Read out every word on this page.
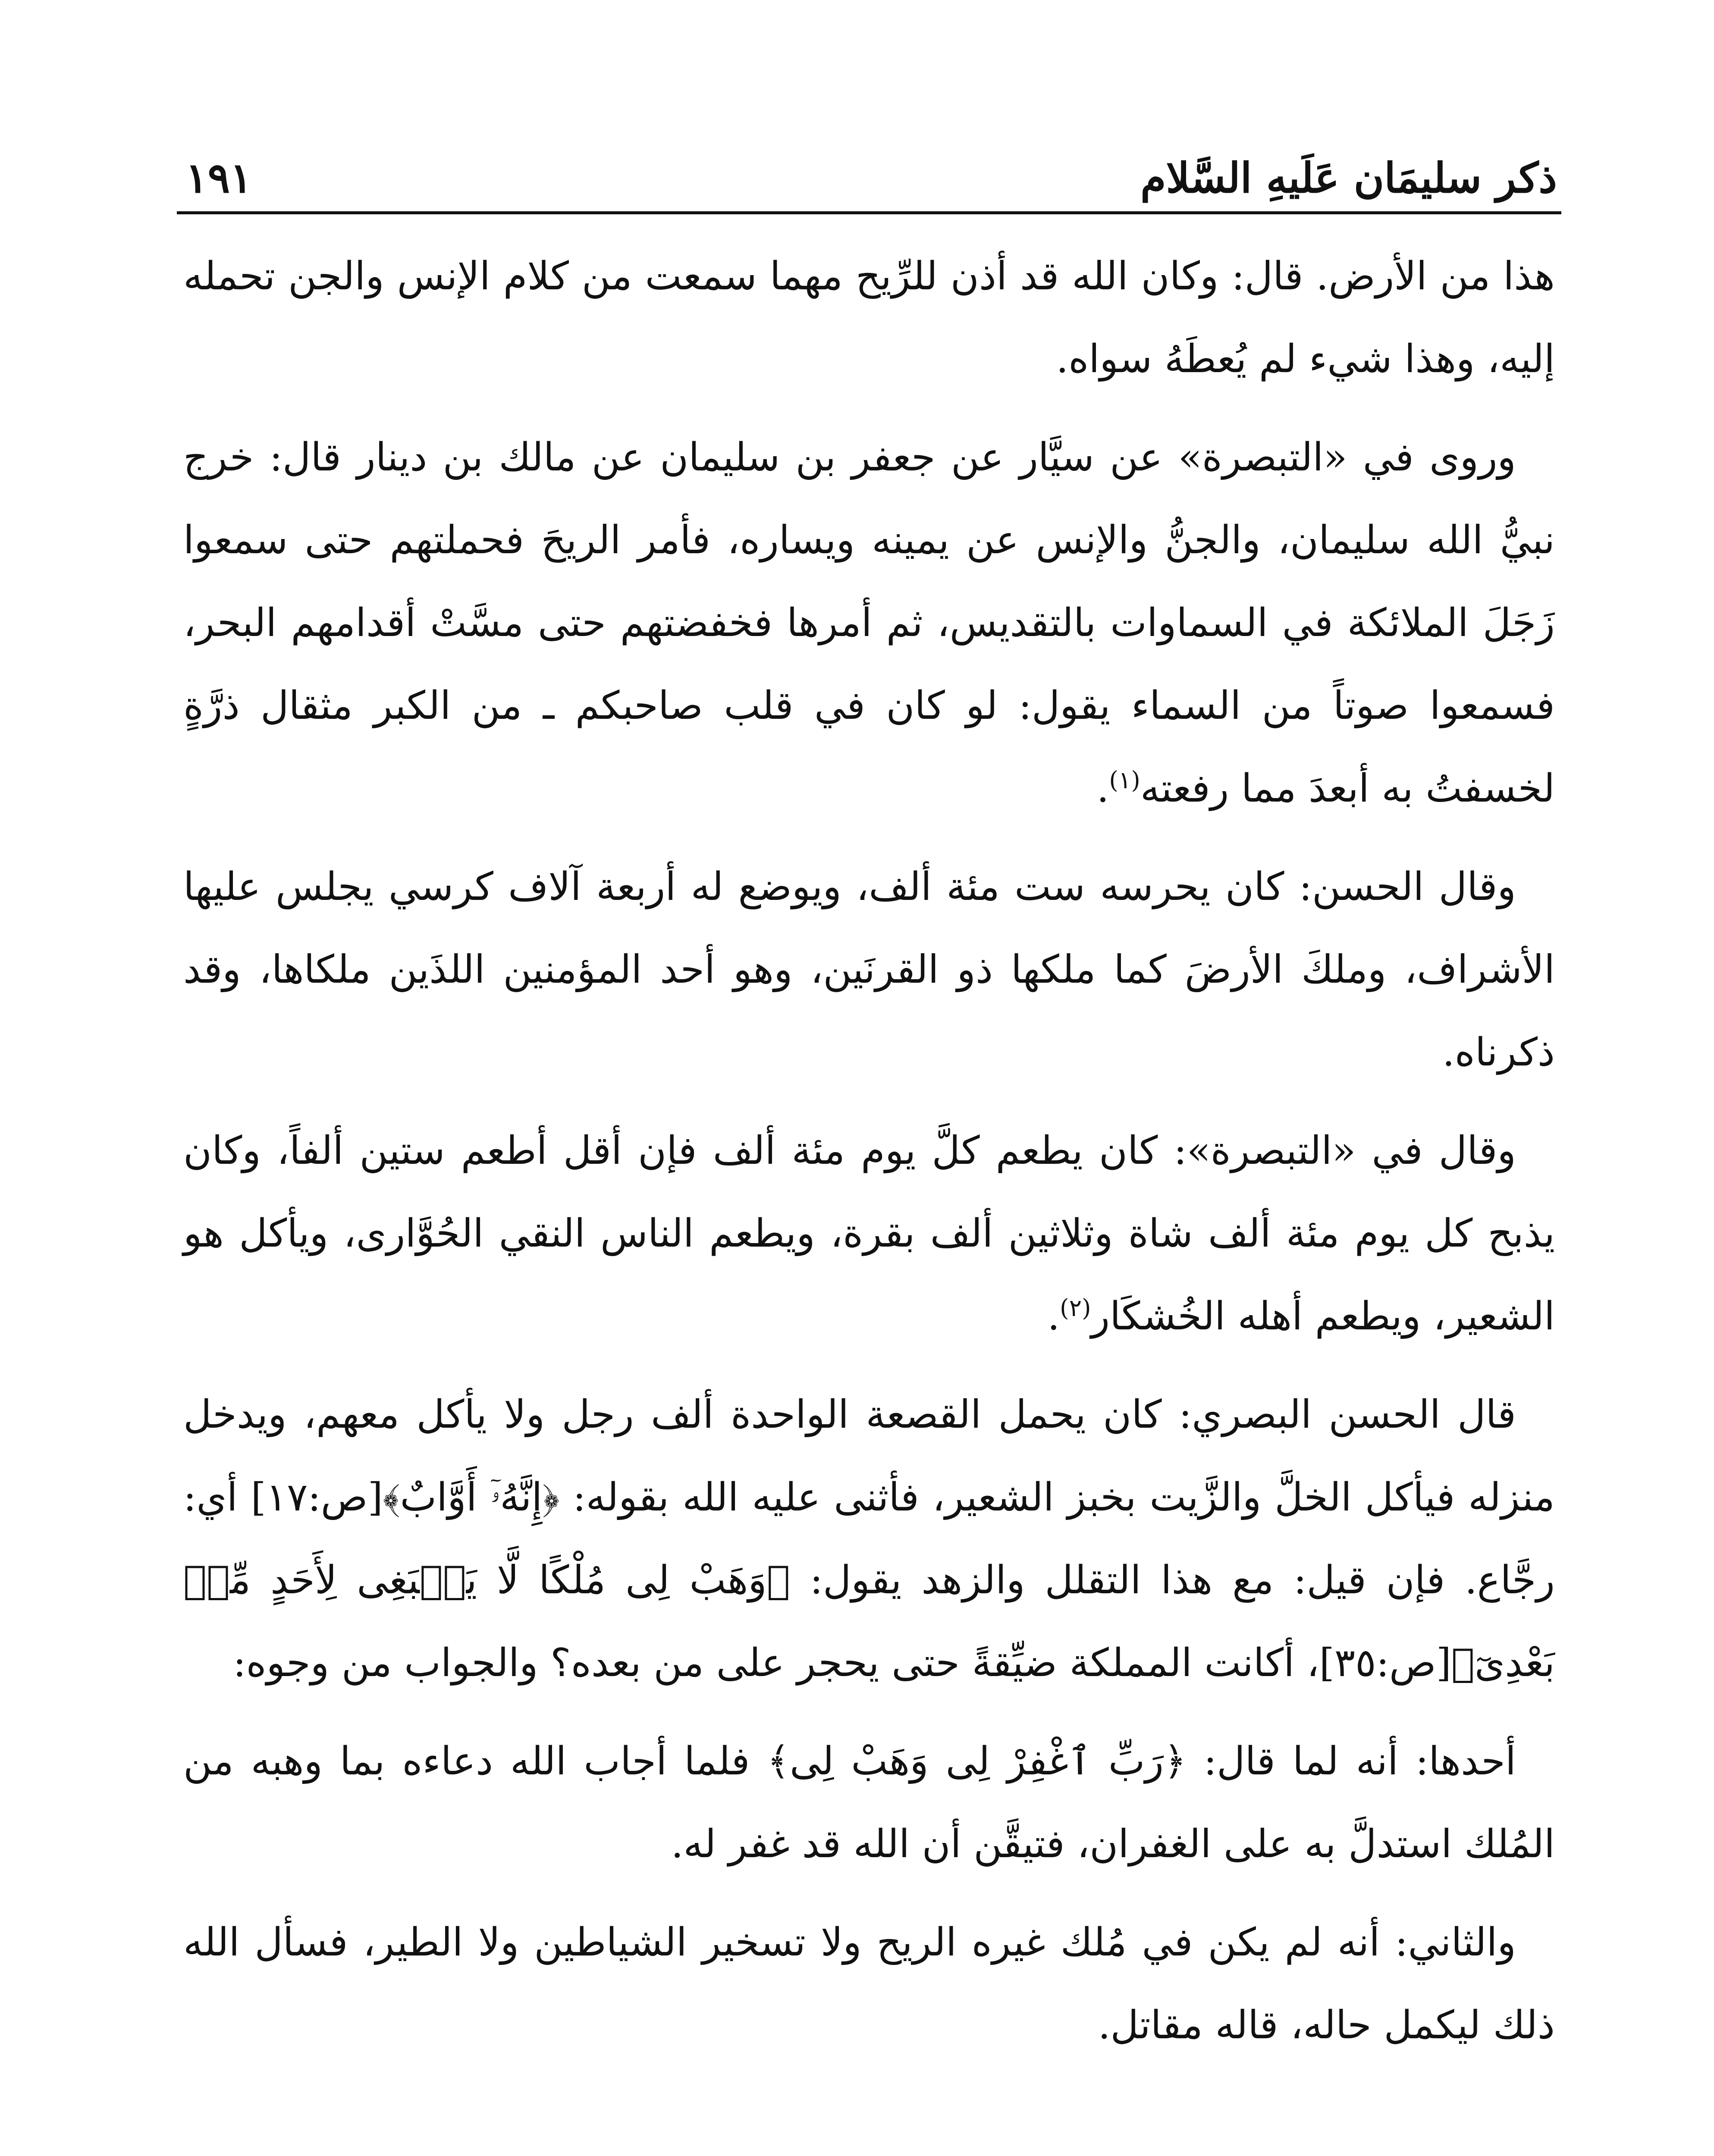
ذكر سليمَان عَلَيهِ السَّلام
١٩١

هذا من الأرض. قال: وكان الله قد أذن للرِّيح مهما سمعت من كلام الإنس والجن تحمله إليه، وهذا شيء لم يُعطَهُ سواه.

وروى في «التبصرة» عن سيَّار عن جعفر بن سليمان عن مالك بن دينار قال: خرج نبيُّ الله سليمان، والجنُّ والإنس عن يمينه ويساره، فأمر الريحَ فحملتهم حتى سمعوا زَجَلَ الملائكة في السماوات بالتقديس، ثم أمرها فخفضتهم حتى مسَّتْ أقدامهم البحر، فسمعوا صوتاً من السماء يقول: لو كان في قلب صاحبكم ـ من الكبر مثقال ذرَّةٍ لخسفتُ به أبعدَ مما رفعته$^{(١)}$.

وقال الحسن: كان يحرسه ست مئة ألف، ويوضع له أربعة آلاف كرسي يجلس عليها الأشراف، وملكَ الأرضَ كما ملكها ذو القرنَين، وهو أحد المؤمنين اللذَين ملكاها، وقد ذكرناه.

وقال في «التبصرة»: كان يطعم كلَّ يوم مئة ألف فإن أقل أطعم ستين ألفاً، وكان يذبح كل يوم مئة ألف شاة وثلاثين ألف بقرة، ويطعم الناس النقي الحُوَّارى، ويأكل هو الشعير، ويطعم أهله الخُشكَار$^{(٢)}$.

قال الحسن البصري: كان يحمل القصعة الواحدة ألف رجل ولا يأكل معهم، ويدخل منزله فيأكل الخلَّ والزَّيت بخبز الشعير، فأثنى عليه الله بقوله: ﴿إِنَّهُۥٓ أَوَّابٌ﴾[ص:١٧] أي: رجَّاع. فإن قيل: مع هذا التقلل والزهد يقول: ﴿وَهَبْ لِى مُلْكًا لَّا يَنۢبَغِى لِأَحَدٍ مِّنۢ بَعْدِىٓ﴾[ص:٣٥]، أكانت المملكة ضيِّقةً حتى يحجر على من بعده؟ والجواب من وجوه:

أحدها: أنه لما قال: ﴿رَبِّ ٱغْفِرْ لِى وَهَبْ لِى﴾ فلما أجاب الله دعاءه بما وهبه من المُلك استدلَّ به على الغفران، فتيقَّن أن الله قد غفر له.

والثاني: أنه لم يكن في مُلك غيره الريح ولا تسخير الشياطين ولا الطير، فسأل الله ذلك ليكمل حاله، قاله مقاتل.
